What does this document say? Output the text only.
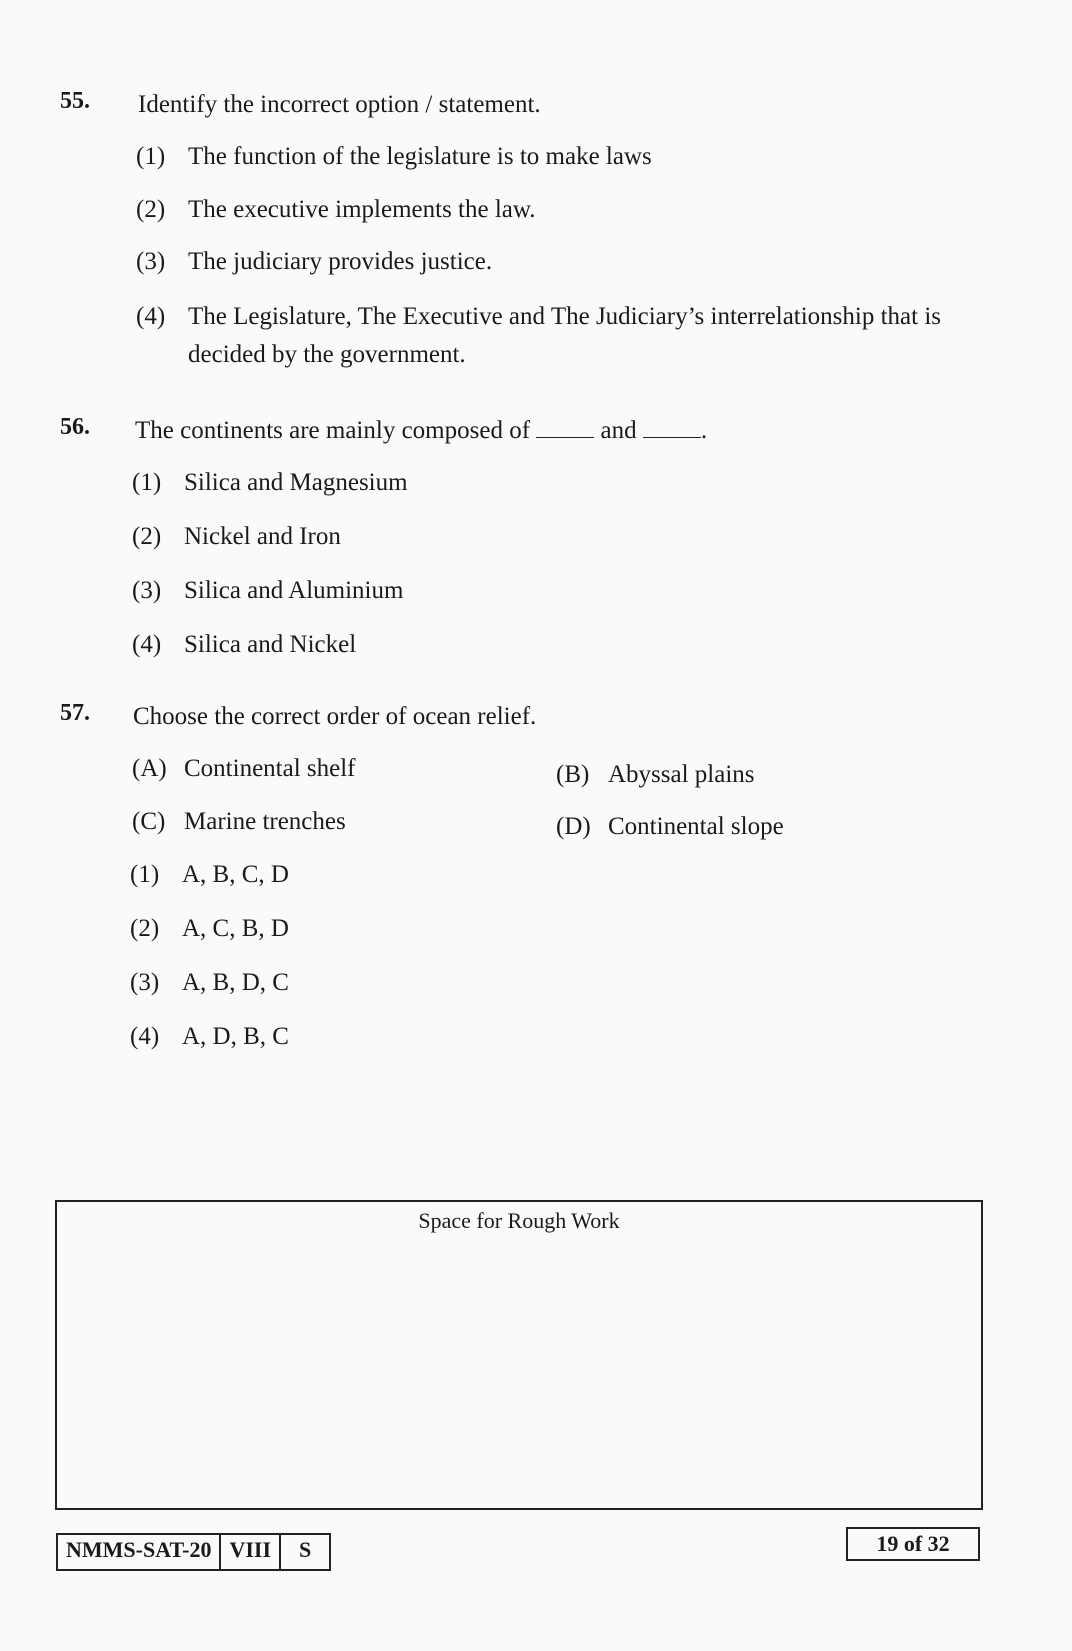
55. Identify the incorrect option / statement.
(1) The function of the legislature is to make laws
(2) The executive implements the law.
(3) The judiciary provides justice.
(4) The Legislature, The Executive and The Judiciary’s interrelationship that is decided by the government.
56. The continents are mainly composed of	and	.
(1) Silica and Magnesium
(2) Nickel and Iron
(3) Silica and Aluminium
(4) Silica and Nickel
57. Choose the correct order of ocean relief.
(A) Continental shelf	(B) Abyssal plains
(C) Marine trenches	(D) Continental slope
(1) A, B, C, D
(2) A, C, B, D
(3) A, B, D, C
(4) A, D, B, C
Space for Rough Work
NMMS-SAT-20 VIII	S	19 of 32
